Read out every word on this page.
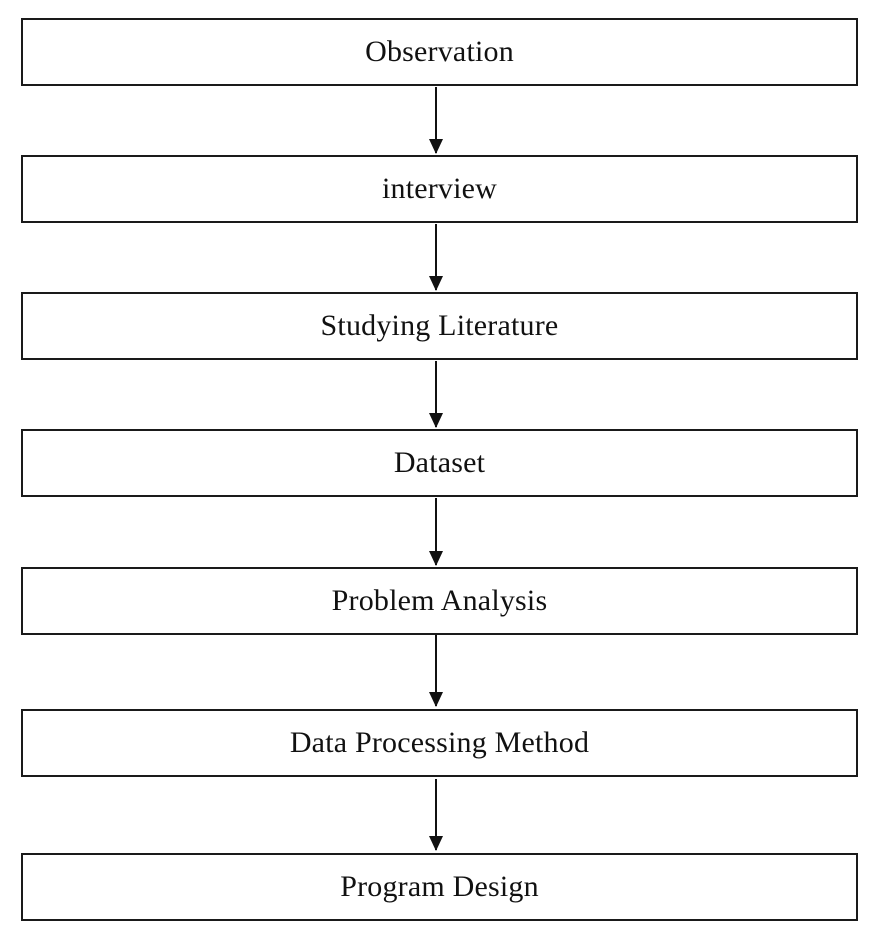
Observation
interview
Studying Literature
Dataset
Problem Analysis
Data Processing Method
Program Design
